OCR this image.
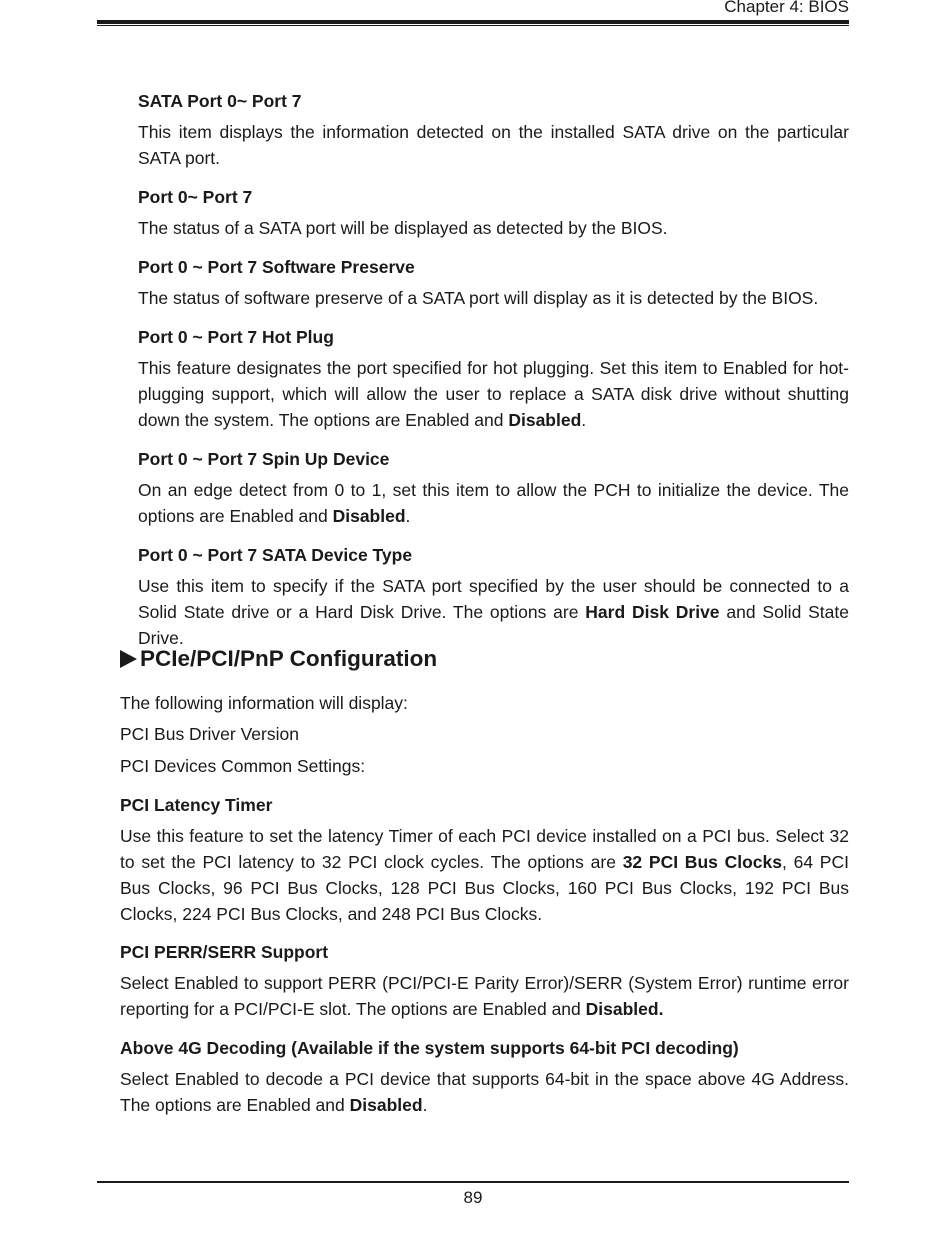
Chapter 4: BIOS
SATA Port 0~ Port 7
This item displays the information detected on the installed SATA drive on the particular SATA port.
Port 0~ Port 7
The status of a SATA port will be displayed as detected by the BIOS.
Port 0 ~ Port 7 Software Preserve
The status of software preserve of a SATA port will display as it is detected by the BIOS.
Port 0 ~ Port 7 Hot Plug
This feature designates the port specified for hot plugging. Set this item to Enabled for hot-plugging support, which will allow the user to replace a SATA disk drive without shutting down the system. The options are Enabled and Disabled.
Port 0 ~ Port 7 Spin Up Device
On an edge detect from 0 to 1, set this item to allow the PCH to initialize the device. The options are Enabled and Disabled.
Port 0 ~ Port 7 SATA Device Type
Use this item to specify if the SATA port specified by the user should be connected to a Solid State drive or a Hard Disk Drive. The options are Hard Disk Drive and Solid State Drive.
PCIe/PCI/PnP Configuration
The following information will display:
PCI Bus Driver Version
PCI Devices Common Settings:
PCI Latency Timer
Use this feature to set the latency Timer of each PCI device installed on a PCI bus. Select 32 to set the PCI latency to 32 PCI clock cycles. The options are 32 PCI Bus Clocks, 64 PCI Bus Clocks, 96 PCI Bus Clocks, 128 PCI Bus Clocks, 160 PCI Bus Clocks, 192 PCI Bus Clocks, 224 PCI Bus Clocks, and 248 PCI Bus Clocks.
PCI PERR/SERR Support
Select Enabled to support PERR (PCI/PCI-E Parity Error)/SERR (System Error) runtime error reporting for a PCI/PCI-E slot. The options are Enabled and Disabled.
Above 4G Decoding (Available if the system supports 64-bit PCI decoding)
Select Enabled to decode a PCI device that supports 64-bit in the space above 4G Address. The options are Enabled and Disabled.
89
